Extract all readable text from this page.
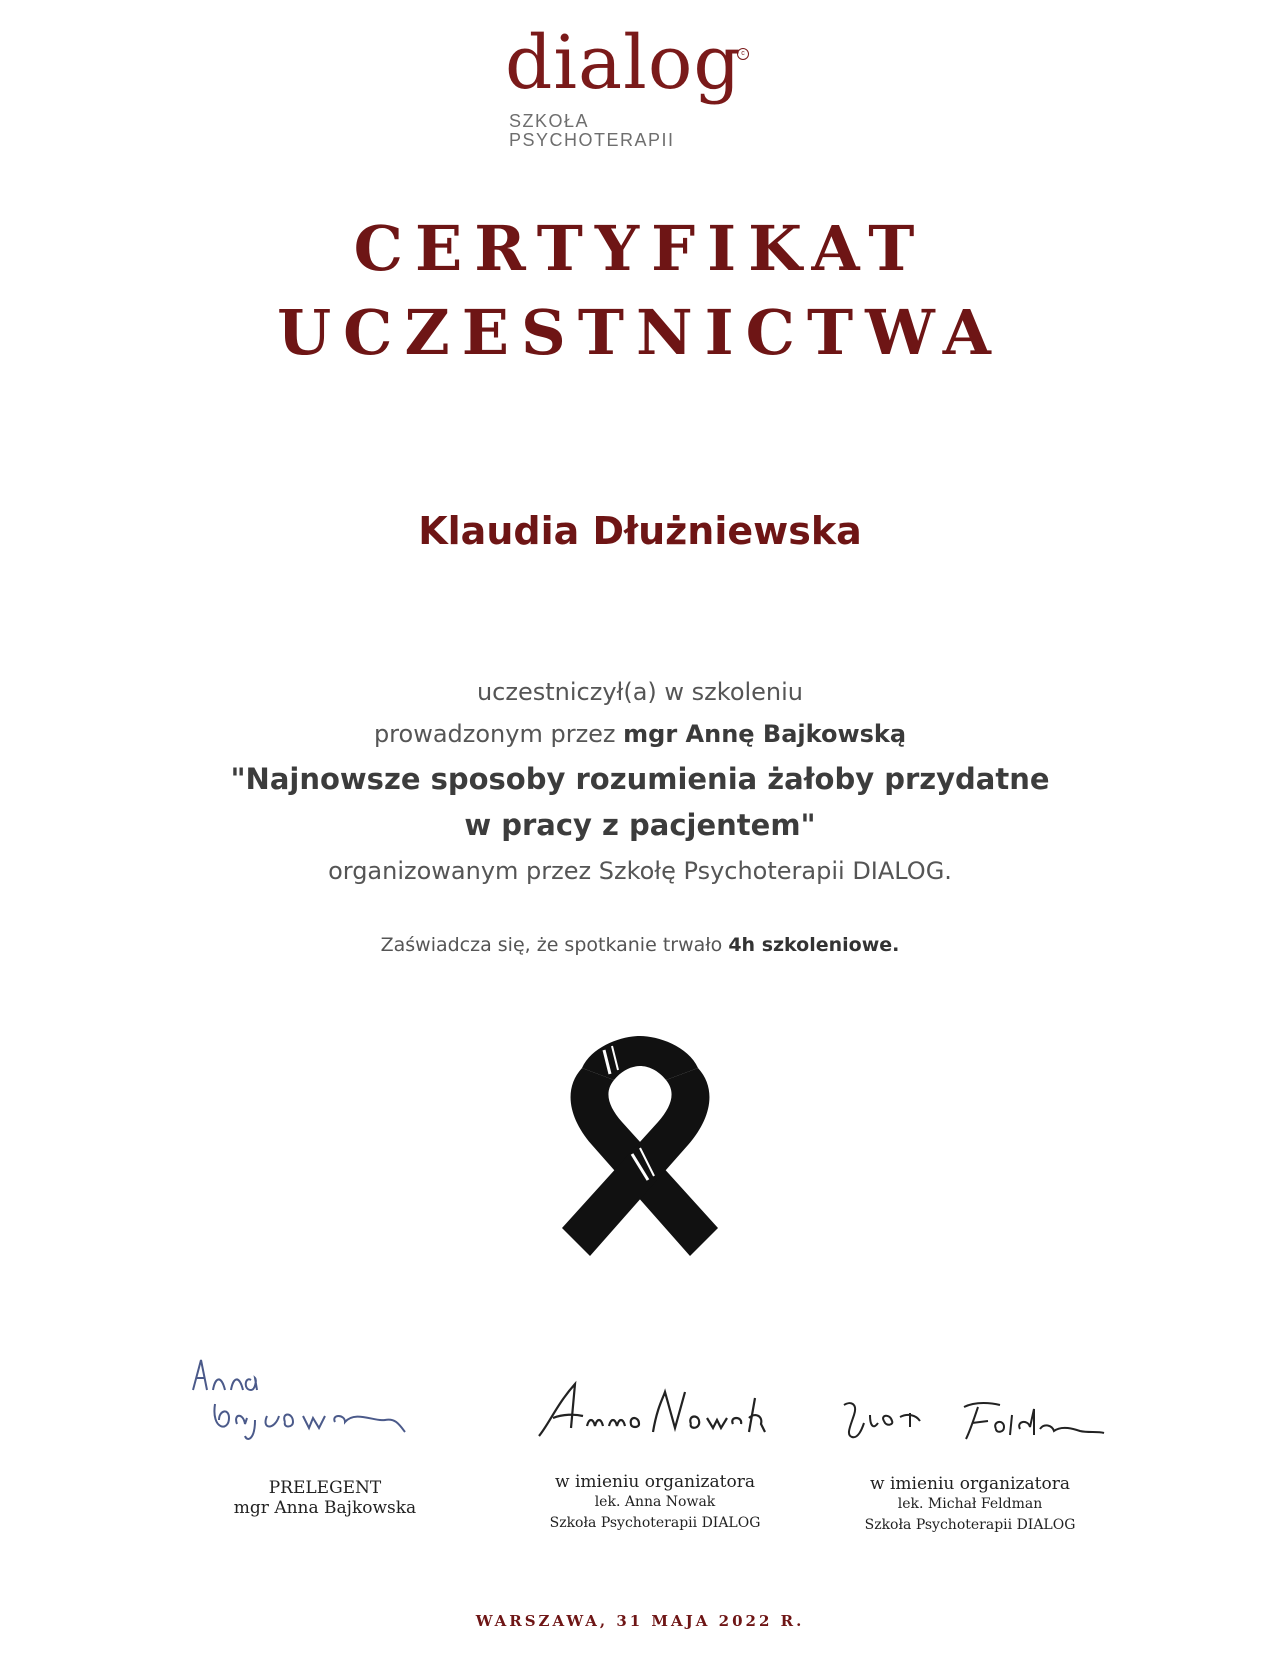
dialog c
SZKOŁA
PSYCHOTERAPII
CERTYFIKAT
UCZESTNICTWA
Klaudia Dłużniewska
uczestniczył(a) w szkoleniu
prowadzonym przez mgr Annę Bajkowską
"Najnowsze sposoby rozumienia żałoby przydatne
w pracy z pacjentem"
organizowanym przez Szkołę Psychoterapii DIALOG.
Zaświadcza się, że spotkanie trwało 4h szkoleniowe.
PRELEGENT
mgr Anna Bajkowska
w imieniu organizatora
lek. Anna Nowak
Szkoła Psychoterapii DIALOG
w imieniu organizatora
lek. Michał Feldman
Szkoła Psychoterapii DIALOG
WARSZAWA, 31 MAJA 2022 R.
